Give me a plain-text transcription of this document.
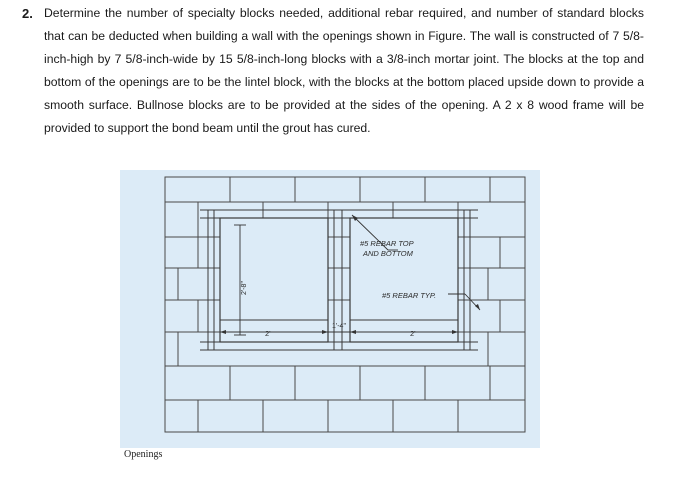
2. Determine the number of specialty blocks needed, additional rebar required, and number of standard blocks that can be deducted when building a wall with the openings shown in Figure. The wall is constructed of 7 5/8-inch-high by 7 5/8-inch-wide by 15 5/8-inch-long blocks with a 3/8-inch mortar joint. The blocks at the top and bottom of the openings are to be the lintel block, with the blocks at the bottom placed upside down to provide a smooth surface. Bullnose blocks are to be provided at the sides of the opening. A 2 x 8 wood frame will be provided to support the bond beam until the grout has cured.
#5 REBAR TOP
AND BOTTOM
#5 REBAR TYP.
2'-8"
2'
1'-4"
2'
Openings
